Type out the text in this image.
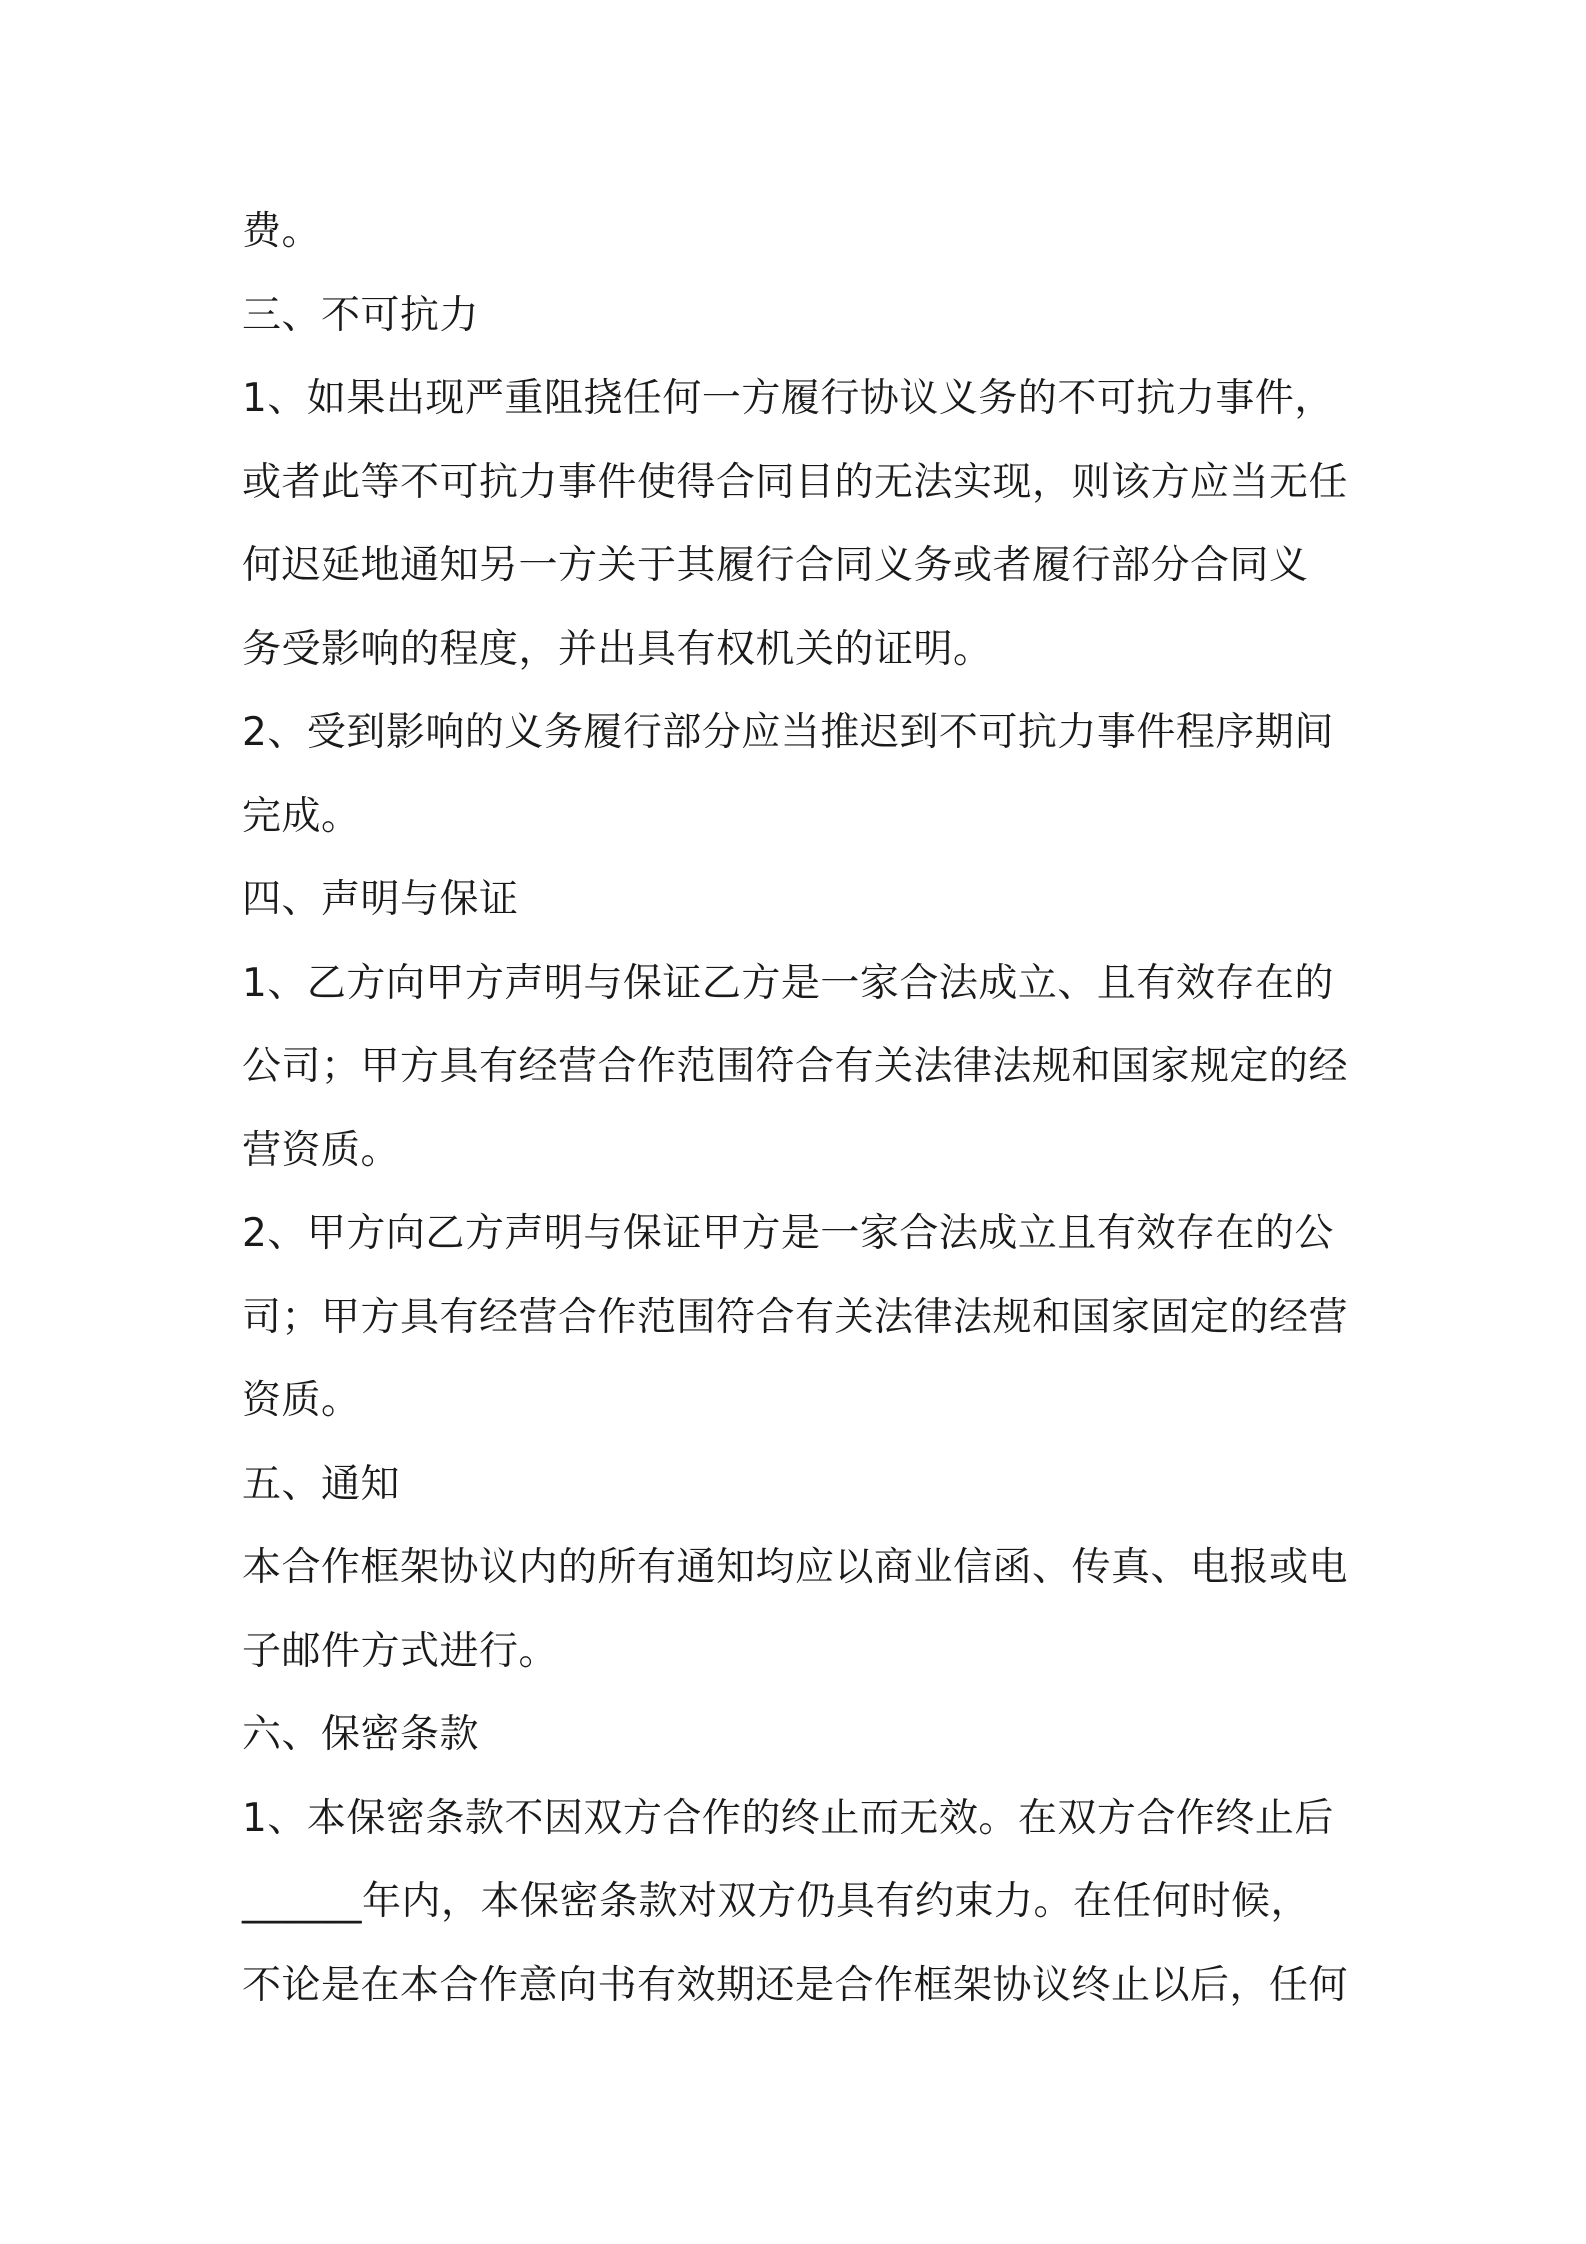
费。
三、不可抗力
1、如果出现严重阻挠任何一方履行协议义务的不可抗力事件，
或者此等不可抗力事件使得合同目的无法实现，则该方应当无任
何迟延地通知另一方关于其履行合同义务或者履行部分合同义
务受影响的程度，并出具有权机关的证明。
2、受到影响的义务履行部分应当推迟到不可抗力事件程序期间
完成。
四、声明与保证
1、乙方向甲方声明与保证乙方是一家合法成立、且有效存在的
公司；甲方具有经营合作范围符合有关法律法规和国家规定的经
营资质。
2、甲方向乙方声明与保证甲方是一家合法成立且有效存在的公
司；甲方具有经营合作范围符合有关法律法规和国家固定的经营
资质。
五、通知
本合作框架协议内的所有通知均应以商业信函、传真、电报或电
子邮件方式进行。
六、保密条款
1、本保密条款不因双方合作的终止而无效。在双方合作终止后
______年内，本保密条款对双方仍具有约束力。在任何时候，
不论是在本合作意向书有效期还是合作框架协议终止以后，任何
